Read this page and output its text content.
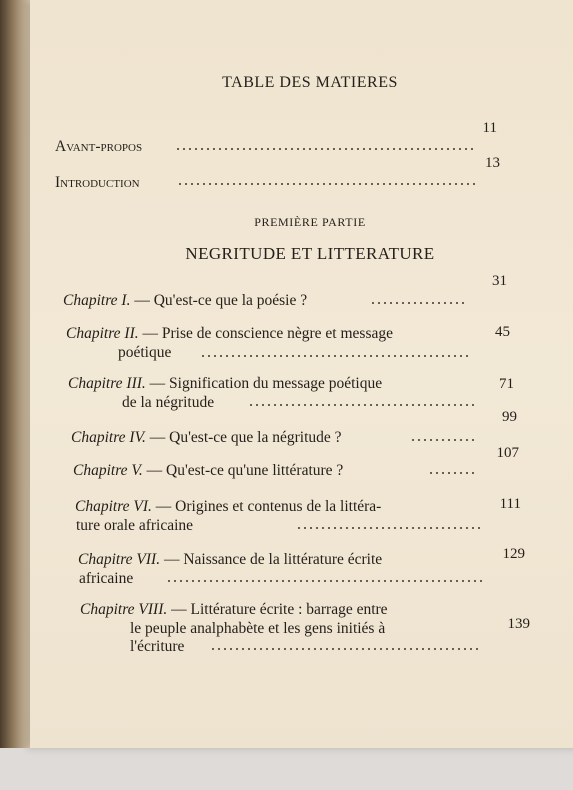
TABLE DES MATIERES
Avant-propos
11
Introduction
13
PREMIÈRE PARTIE
NEGRITUDE ET LITTERATURE
Chapitre I. — Qu'est-ce que la poésie ?
31
Chapitre II. — Prise de conscience nègre et message
poétique
45
Chapitre III. — Signification du message poétique
de la négritude
71
Chapitre IV. — Qu'est-ce que la négritude ?
99
Chapitre V. — Qu'est-ce qu'une littérature ?
107
Chapitre VI. — Origines et contenus de la littéra-
ture orale africaine
111
Chapitre VII. — Naissance de la littérature écrite
africaine
129
Chapitre VIII. — Littérature écrite : barrage entre
le peuple analphabète et les gens initiés à
l'écriture
139
